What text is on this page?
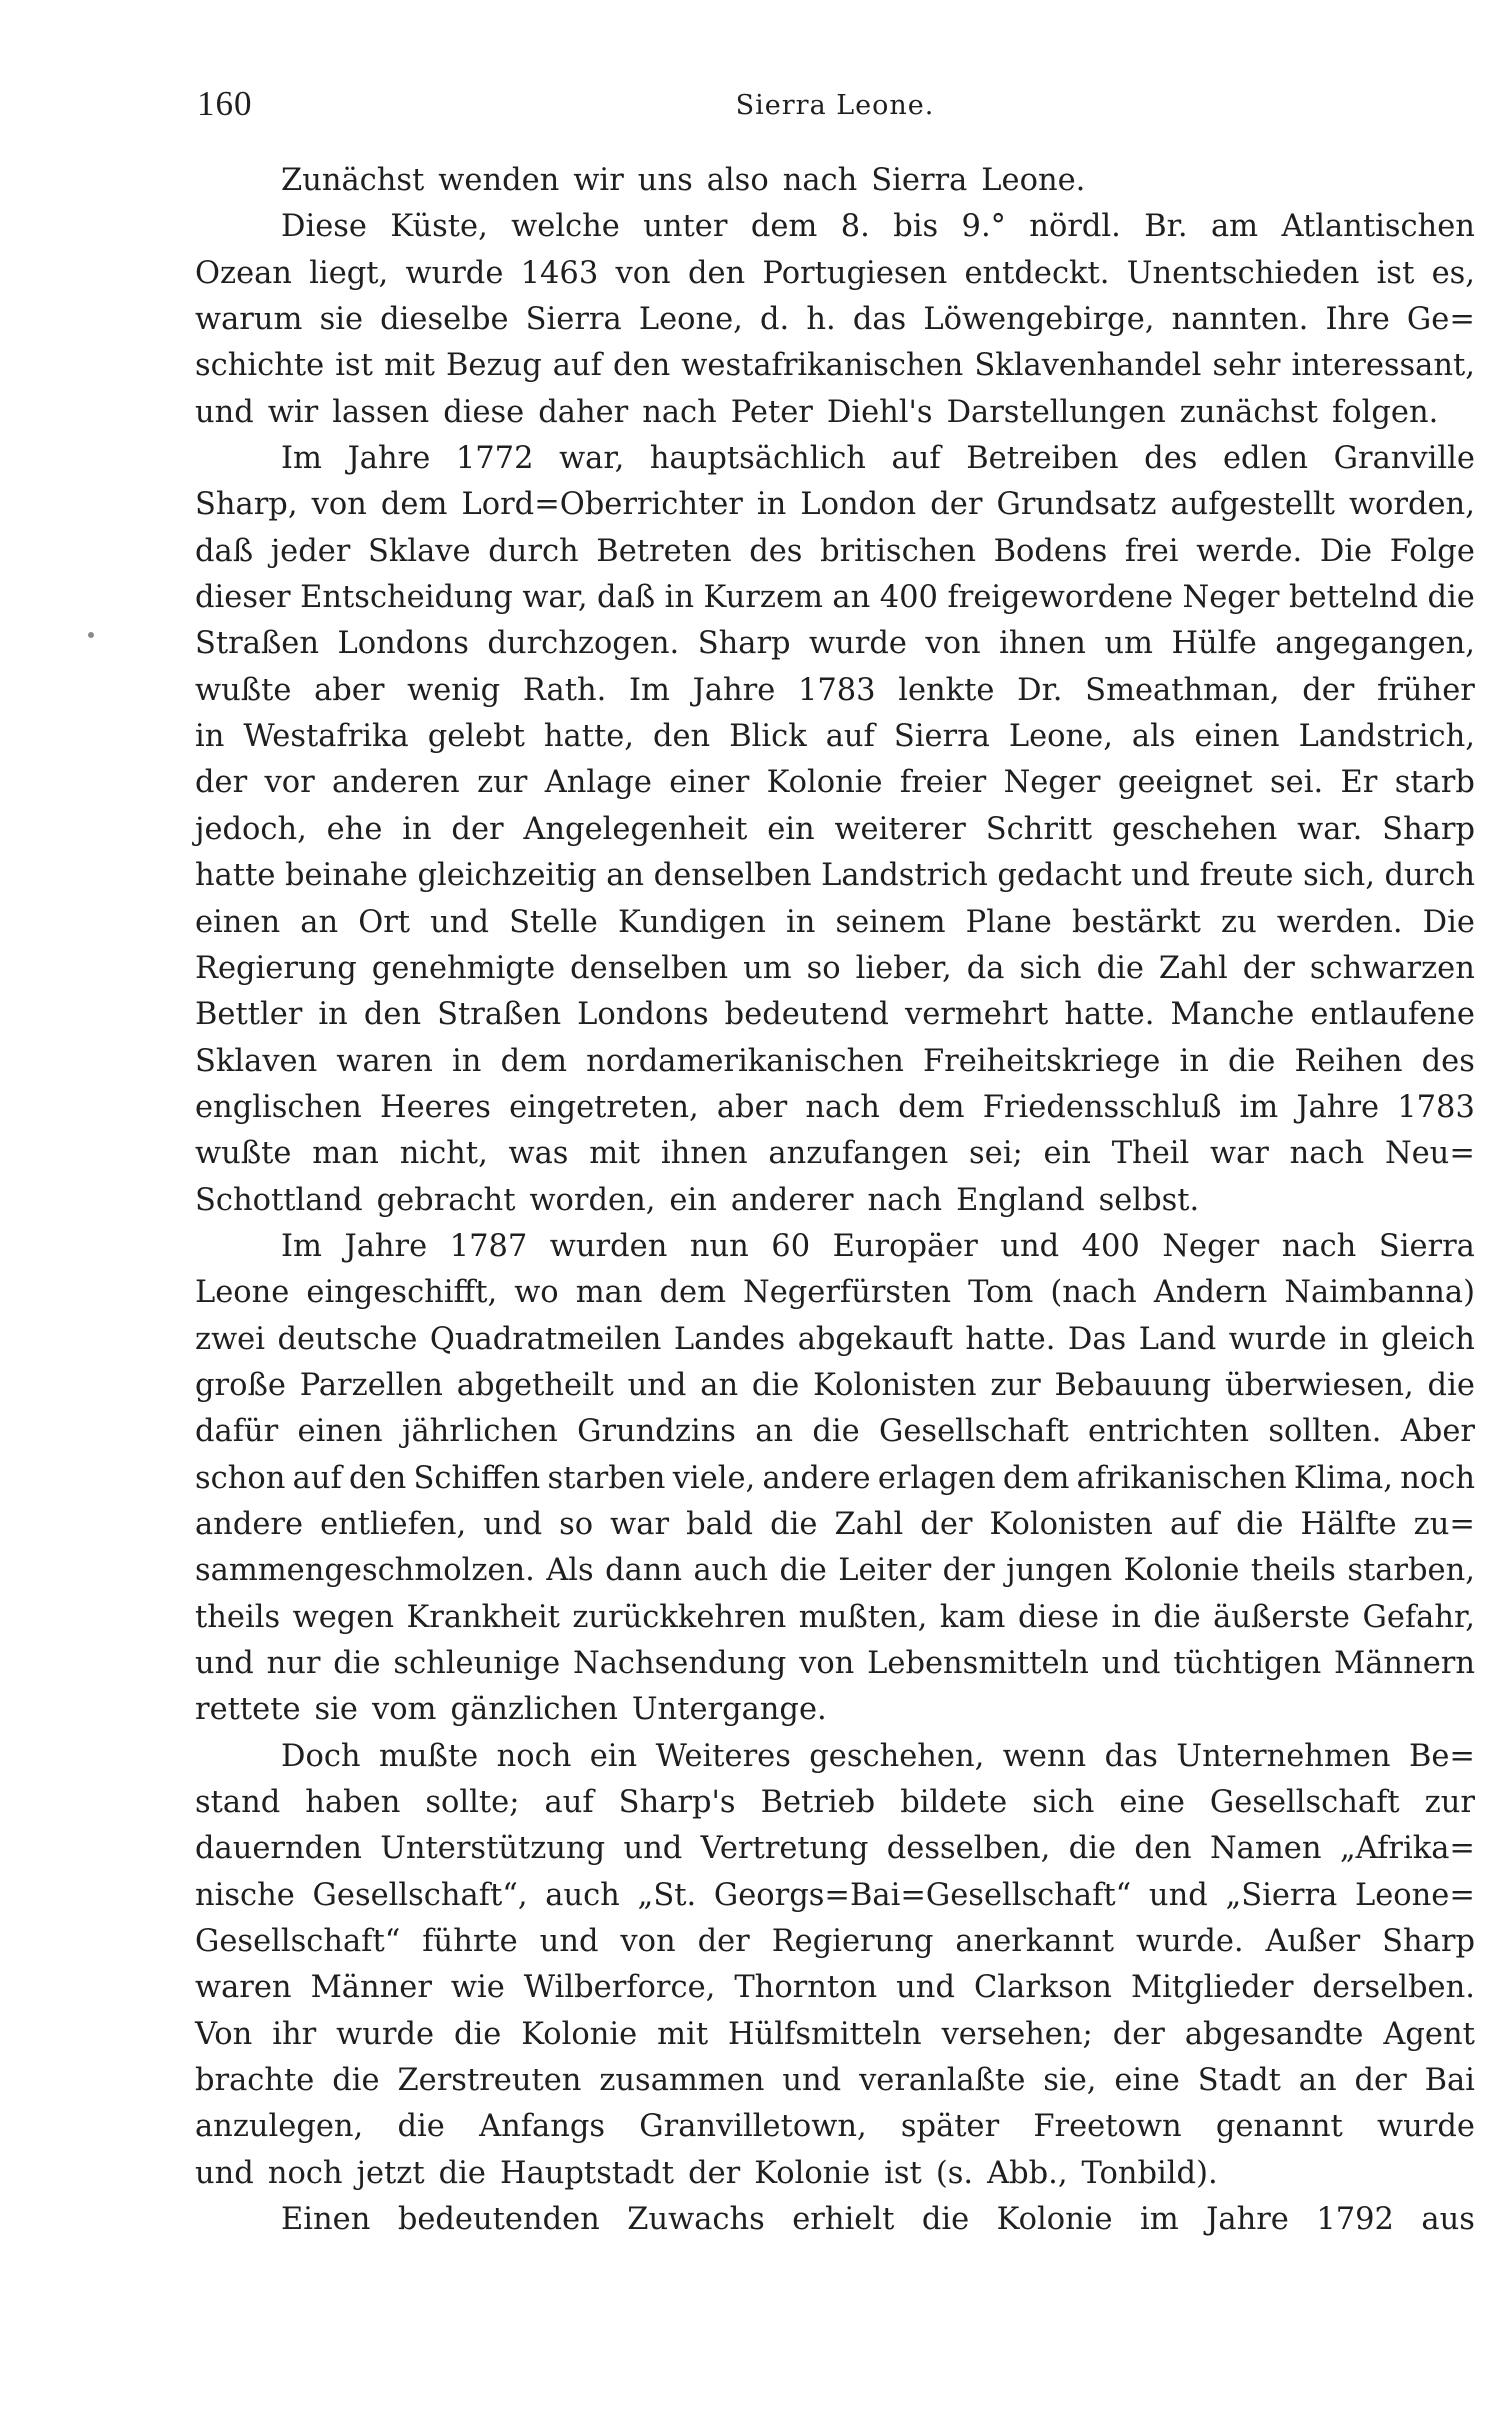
160	Sierra Leone.
Zunächst wenden wir uns also nach Sierra Leone.
Diese Küste, welche unter dem 8. bis 9.° nördl. Br. am Atlantischen
Ozean liegt, wurde 1463 von den Portugiesen entdeckt. Unentschieden ist es,
warum sie dieselbe Sierra Leone, d. h. das Löwengebirge, nannten. Ihre Ge=
schichte ist mit Bezug auf den westafrikanischen Sklavenhandel sehr interessant,
und wir lassen diese daher nach Peter Diehl's Darstellungen zunächst folgen.
Im Jahre 1772 war, hauptsächlich auf Betreiben des edlen Granville
Sharp, von dem Lord=Oberrichter in London der Grundsatz aufgestellt worden,
daß jeder Sklave durch Betreten des britischen Bodens frei werde. Die Folge
dieser Entscheidung war, daß in Kurzem an 400 freigewordene Neger bettelnd die
Straßen Londons durchzogen. Sharp wurde von ihnen um Hülfe angegangen,
wußte aber wenig Rath. Im Jahre 1783 lenkte Dr. Smeathman, der früher
in Westafrika gelebt hatte, den Blick auf Sierra Leone, als einen Landstrich,
der vor anderen zur Anlage einer Kolonie freier Neger geeignet sei. Er starb
jedoch, ehe in der Angelegenheit ein weiterer Schritt geschehen war. Sharp
hatte beinahe gleichzeitig an denselben Landstrich gedacht und freute sich, durch
einen an Ort und Stelle Kundigen in seinem Plane bestärkt zu werden. Die
Regierung genehmigte denselben um so lieber, da sich die Zahl der schwarzen
Bettler in den Straßen Londons bedeutend vermehrt hatte. Manche entlaufene
Sklaven waren in dem nordamerikanischen Freiheitskriege in die Reihen des
englischen Heeres eingetreten, aber nach dem Friedensschluß im Jahre 1783
wußte man nicht, was mit ihnen anzufangen sei; ein Theil war nach Neu=
Schottland gebracht worden, ein anderer nach England selbst.
Im Jahre 1787 wurden nun 60 Europäer und 400 Neger nach Sierra
Leone eingeschifft, wo man dem Negerfürsten Tom (nach Andern Naimbanna)
zwei deutsche Quadratmeilen Landes abgekauft hatte. Das Land wurde in gleich
große Parzellen abgetheilt und an die Kolonisten zur Bebauung überwiesen, die
dafür einen jährlichen Grundzins an die Gesellschaft entrichten sollten. Aber
schon auf den Schiffen starben viele, andere erlagen dem afrikanischen Klima, noch
andere entliefen, und so war bald die Zahl der Kolonisten auf die Hälfte zu=
sammengeschmolzen. Als dann auch die Leiter der jungen Kolonie theils starben,
theils wegen Krankheit zurückkehren mußten, kam diese in die äußerste Gefahr,
und nur die schleunige Nachsendung von Lebensmitteln und tüchtigen Männern
rettete sie vom gänzlichen Untergange.
Doch mußte noch ein Weiteres geschehen, wenn das Unternehmen Be=
stand haben sollte; auf Sharp's Betrieb bildete sich eine Gesellschaft zur
dauernden Unterstützung und Vertretung desselben, die den Namen „Afrika=
nische Gesellschaft“, auch „St. Georgs=Bai=Gesellschaft“ und „Sierra Leone=
Gesellschaft“ führte und von der Regierung anerkannt wurde. Außer Sharp
waren Männer wie Wilberforce, Thornton und Clarkson Mitglieder derselben.
Von ihr wurde die Kolonie mit Hülfsmitteln versehen; der abgesandte Agent
brachte die Zerstreuten zusammen und veranlaßte sie, eine Stadt an der Bai
anzulegen, die Anfangs Granvilletown, später Freetown genannt wurde
und noch jetzt die Hauptstadt der Kolonie ist (s. Abb., Tonbild).
Einen bedeutenden Zuwachs erhielt die Kolonie im Jahre 1792 aus
